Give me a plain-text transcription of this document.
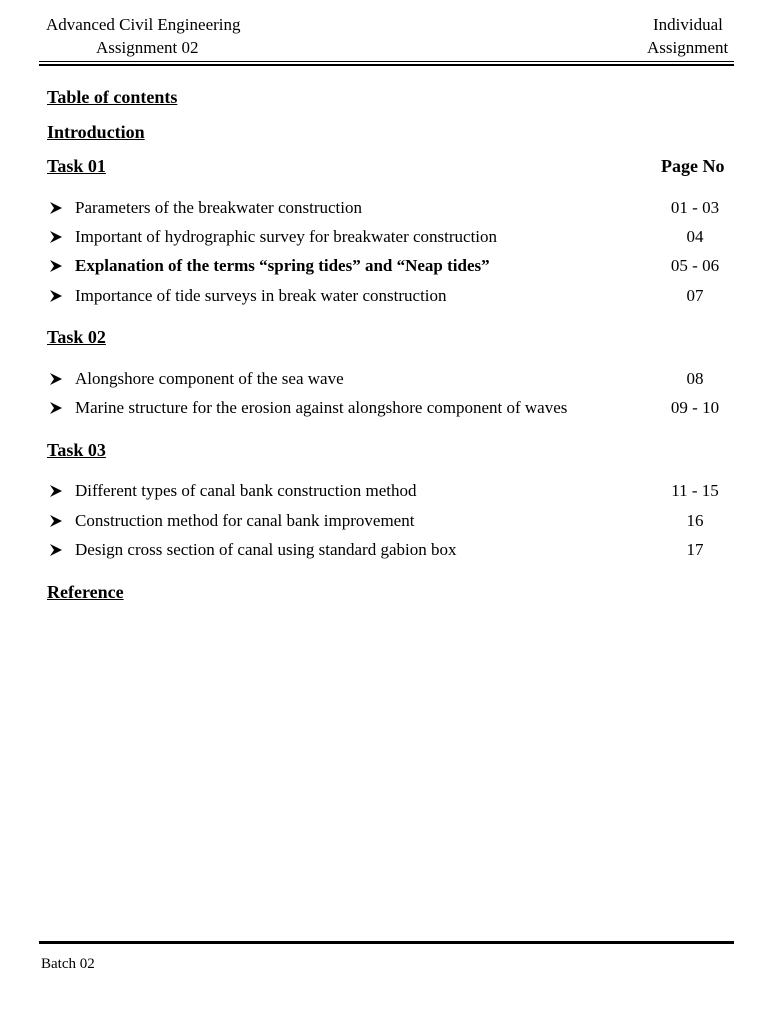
Advanced Civil Engineering
Assignment 02
Individual
Assignment
Table of contents
Introduction
Task 01	Page No
Parameters of the breakwater construction	01 - 03
Important of hydrographic survey for breakwater construction	04
Explanation of the terms “spring tides” and “Neap tides”	05 - 06
Importance of tide surveys in break water construction	07
Task 02
Alongshore component of the sea wave	08
Marine structure for the erosion against alongshore component of waves	09 - 10
Task 03
Different types of canal bank construction method	11 - 15
Construction method for canal bank improvement	16
Design cross section of canal using standard gabion box	17
Reference
Batch 02
